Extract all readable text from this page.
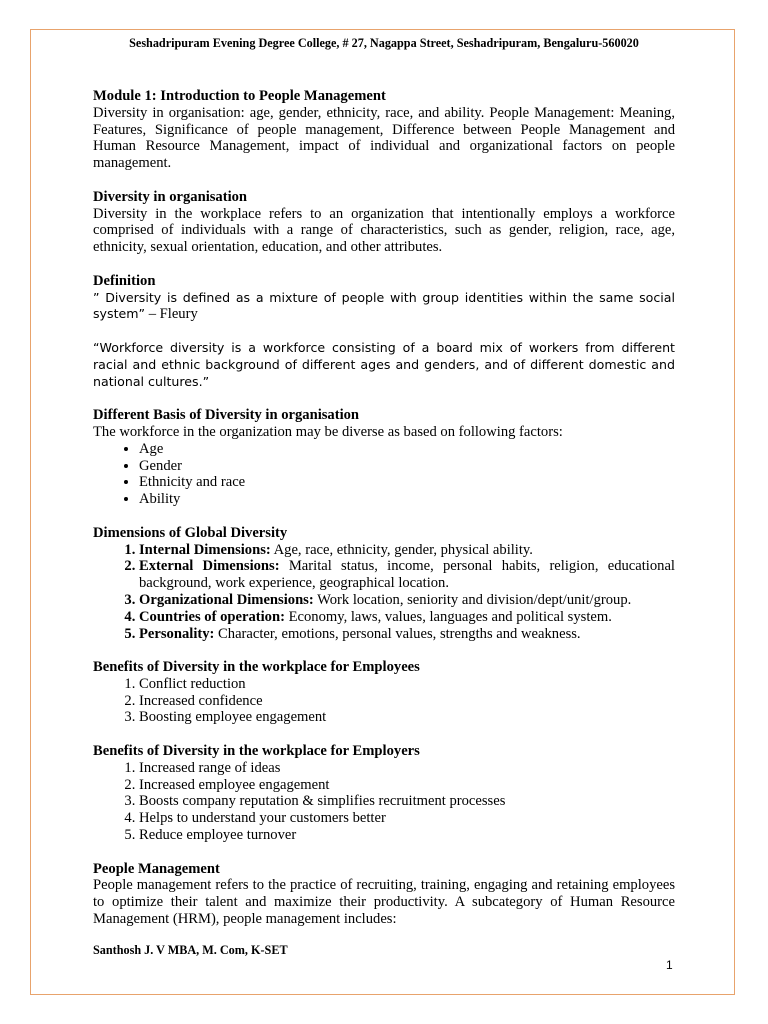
Seshadripuram Evening Degree College, # 27, Nagappa Street, Seshadripuram, Bengaluru-560020
Module 1: Introduction to People Management

Diversity in organisation: age, gender, ethnicity, race, and ability. People Management: Meaning, Features, Significance of people management, Difference between People Management and Human Resource Management, impact of individual and organizational factors on people management.

Diversity in organisation

Diversity in the workplace refers to an organization that intentionally employs a workforce comprised of individuals with a range of characteristics, such as gender, religion, race, age, ethnicity, sexual orientation, education, and other attributes.

Definition

” Diversity is defined as a mixture of people with group identities within the same social system” – Fleury

“Workforce diversity is a workforce consisting of a board mix of workers from different racial and ethnic background of different ages and genders, and of different domestic and national cultures.”

Different Basis of Diversity in organisation

The workforce in the organization may be diverse as based on following factors:

• Age
• Gender
• Ethnicity and race
• Ability
Dimensions of Global Diversity
1. Internal Dimensions: Age, race, ethnicity, gender, physical ability.
2. External Dimensions: Marital status, income, personal habits, religion, educational background, work experience, geographical location.
3. Organizational Dimensions: Work location, seniority and division/dept/unit/group.
4. Countries of operation: Economy, laws, values, languages and political system.
5. Personality: Character, emotions, personal values, strengths and weakness.
Benefits of Diversity in the workplace for Employees
1. Conflict reduction
2. Increased confidence
3. Boosting employee engagement
Benefits of Diversity in the workplace for Employers
1. Increased range of ideas
2. Increased employee engagement
3. Boosts company reputation & simplifies recruitment processes
4. Helps to understand your customers better
5. Reduce employee turnover
People Management

People management refers to the practice of recruiting, training, engaging and retaining employees to optimize their talent and maximize their productivity. A subcategory of Human Resource Management (HRM), people management includes:

Santhosh J. V MBA, M. Com, K-SET
1
